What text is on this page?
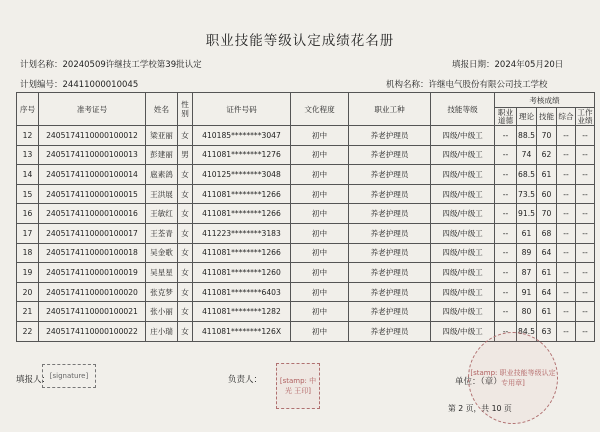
职业技能等级认定成绩花名册
计划名称：20240509许继技工学校第39批认定	填报日期：2024年05月20日
计划编号：24411000010045	机构名称：许继电气股份有限公司技工学校
序号	准考证号	姓名	性别	证件号码	文化程度	职业工种	技能等级	考核成绩				
								职业道德	理论	技能	综合	工作业绩
12	2405174110000100012	梁亚丽	女	410185********3047	初中	养老护理员	四级/中级工	--	88.5	70	--	--
13	2405174110000100013	彭建丽	男	411081********1276	初中	养老护理员	四级/中级工	--	74	62	--	--
14	2405174110000100014	扈素鸽	女	410125********3048	初中	养老护理员	四级/中级工	--	68.5	61	--	--
15	2405174110000100015	王洪展	女	411081********1266	初中	养老护理员	四级/中级工	--	73.5	60	--	--
16	2405174110000100016	王敏红	女	411081********1266	初中	养老护理员	四级/中级工	--	91.5	70	--	--
17	2405174110000100017	王荃青	女	411223********3183	初中	养老护理员	四级/中级工	--	61	68	--	--
18	2405174110000100018	吴金歌	女	411081********1266	初中	养老护理员	四级/中级工	--	89	64	--	--
19	2405174110000100019	吴星星	女	411081********1260	初中	养老护理员	四级/中级工	--	87	61	--	--
20	2405174110000100020	张克梦	女	411081********6403	初中	养老护理员	四级/中级工	--	91	64	--	--
21	2405174110000100021	张小丽	女	411081********1282	初中	养老护理员	四级/中级工	--	80	61	--	--
22	2405174110000100022	庄小瑞	女	411081********126X	初中	养老护理员	四级/中级工	--	84.5	63	--	--
填报人： [signature]	负责人：	[stamp: 中光 王印]
单位：（章）
[stamp: 职业技能等级认定专用章]
第 2 页，共 10 页
